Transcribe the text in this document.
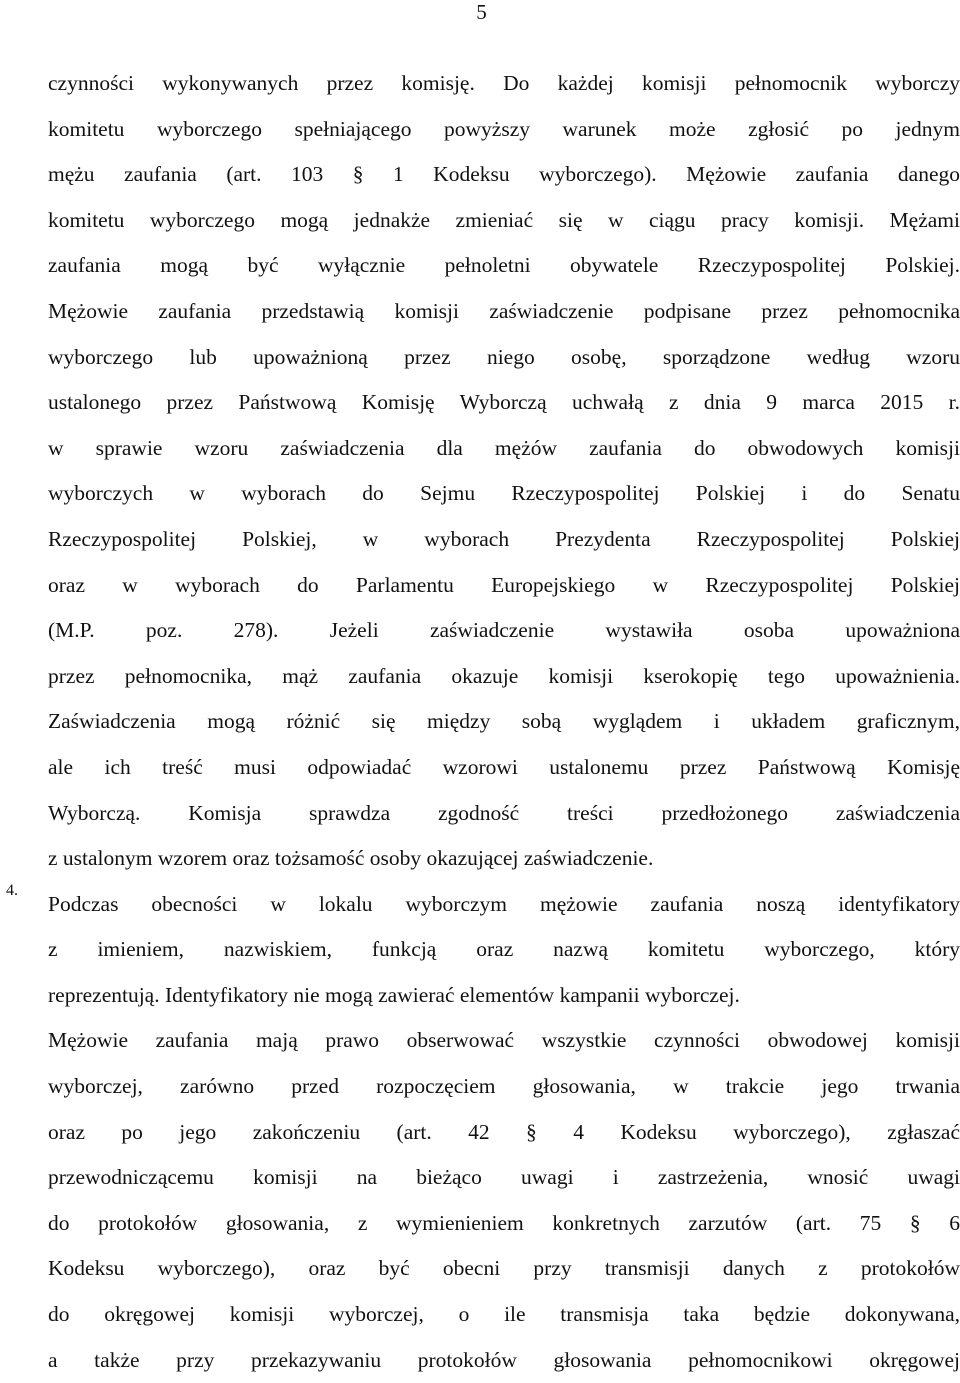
5
czynności wykonywanych przez komisję. Do każdej komisji pełnomocnik wyborczy
komitetu wyborczego spełniającego powyższy warunek może zgłosić po jednym
mężu zaufania (art. 103 § 1 Kodeksu wyborczego). Mężowie zaufania danego
komitetu wyborczego mogą jednakże zmieniać się w ciągu pracy komisji. Mężami
zaufania mogą być wyłącznie pełnoletni obywatele Rzeczypospolitej Polskiej.
Mężowie zaufania przedstawią komisji zaświadczenie podpisane przez pełnomocnika
wyborczego lub upoważnioną przez niego osobę, sporządzone według wzoru
ustalonego przez Państwową Komisję Wyborczą uchwałą z dnia 9 marca 2015 r.
w sprawie wzoru zaświadczenia dla mężów zaufania do obwodowych komisji
wyborczych w wyborach do Sejmu Rzeczypospolitej Polskiej i do Senatu
Rzeczypospolitej Polskiej, w wyborach Prezydenta Rzeczypospolitej Polskiej
oraz w wyborach do Parlamentu Europejskiego w Rzeczypospolitej Polskiej
(M.P. poz. 278). Jeżeli zaświadczenie wystawiła osoba upoważniona
przez pełnomocnika, mąż zaufania okazuje komisji kserokopię tego upoważnienia.
Zaświadczenia mogą różnić się między sobą wyglądem i układem graficznym,
ale ich treść musi odpowiadać wzorowi ustalonemu przez Państwową Komisję
Wyborczą. Komisja sprawdza zgodność treści przedłożonego zaświadczenia
z ustalonym wzorem oraz tożsamość osoby okazującej zaświadczenie.
4.
Podczas obecności w lokalu wyborczym mężowie zaufania noszą identyfikatory
z imieniem, nazwiskiem, funkcją oraz nazwą komitetu wyborczego, który
reprezentują. Identyfikatory nie mogą zawierać elementów kampanii wyborczej.
Mężowie zaufania mają prawo obserwować wszystkie czynności obwodowej komisji
wyborczej, zarówno przed rozpoczęciem głosowania, w trakcie jego trwania
oraz po jego zakończeniu (art. 42 § 4 Kodeksu wyborczego), zgłaszać
przewodniczącemu komisji na bieżąco uwagi i zastrzeżenia, wnosić uwagi
do protokołów głosowania, z wymienieniem konkretnych zarzutów (art. 75 § 6
Kodeksu wyborczego), oraz być obecni przy transmisji danych z protokołów
do okręgowej komisji wyborczej, o ile transmisja taka będzie dokonywana,
a także przy przekazywaniu protokołów głosowania pełnomocnikowi okręgowej
